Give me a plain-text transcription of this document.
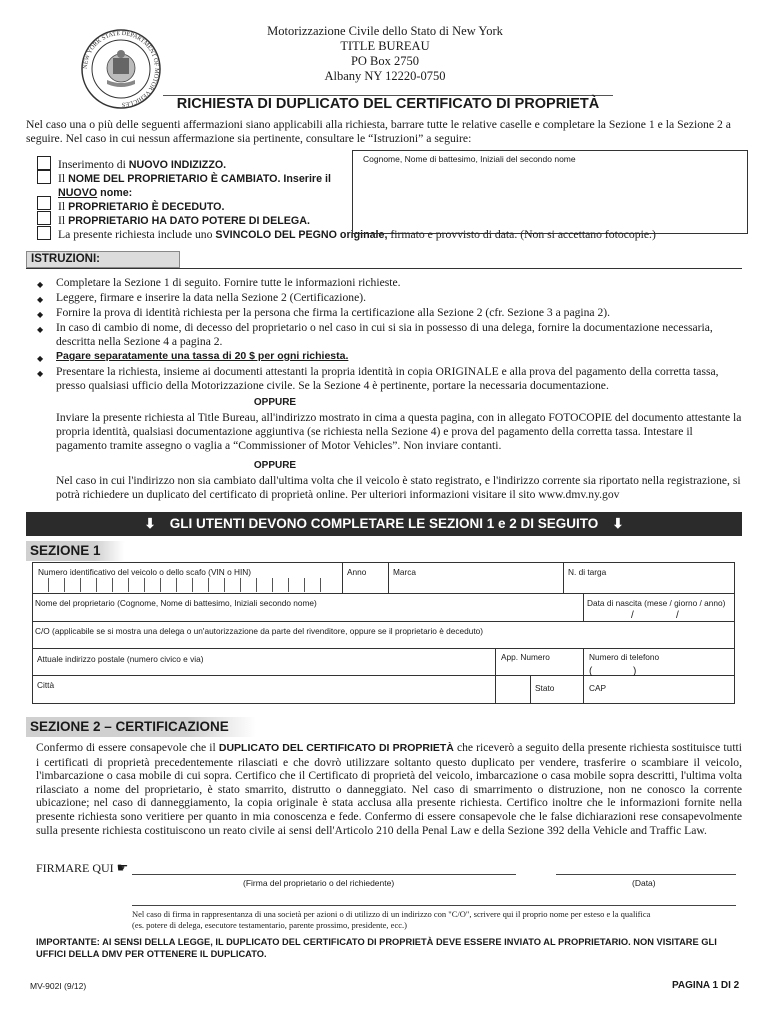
NEW YORK STATE DEPARTMENT OF MOTOR VEHICLES
Motorizzazione Civile dello Stato di New York
TITLE BUREAU
PO Box 2750
Albany NY 12220-0750
RICHIESTA DI DUPLICATO DEL CERTIFICATO DI PROPRIETÀ
Nel caso una o più delle seguenti affermazioni siano applicabili alla richiesta, barrare tutte le relative caselle e completare la Sezione 1 e la Sezione 2 a seguire. Nel caso in cui nessun affermazione sia pertinente, consultare le “Istruzioni” a seguire:
Inserimento di NUOVO INDIZIZZO.
Il NOME DEL PROPRIETARIO È CAMBIATO. Inserire il
NUOVO nome:
Il PROPRIETARIO È DECEDUTO.
Il PROPRIETARIO HA DATO POTERE DI DELEGA.
La presente richiesta include uno SVINCOLO DEL PEGNO originale, firmato e provvisto di data. (Non si accettano fotocopie.)
Cognome, Nome di battesimo, Iniziali del secondo nome
ISTRUZIONI:
◆ Completare la Sezione 1 di seguito. Fornire tutte le informazioni richieste.
◆ Leggere, firmare e inserire la data nella Sezione 2 (Certificazione).
◆ Fornire la prova di identità richiesta per la persona che firma la certificazione alla Sezione 2 (cfr. Sezione 3 a pagina 2).
◆ In caso di cambio di nome, di decesso del proprietario o nel caso in cui si sia in possesso di una delega, fornire la documentazione necessaria, descritta nella Sezione 4 a pagina 2.
◆ Pagare separatamente una tassa di 20 $ per ogni richiesta.
◆ Presentare la richiesta, insieme ai documenti attestanti la propria identità in copia ORIGINALE e alla prova del pagamento della corretta tassa, presso qualsiasi ufficio della Motorizzazione civile. Se la Sezione 4 è pertinente, portare la necessaria documentazione.
OPPURE
Inviare la presente richiesta al Title Bureau, all'indirizzo mostrato in cima a questa pagina, con in allegato FOTOCOPIE del documento attestante la propria identità, qualsiasi documentazione aggiuntiva (se richiesta nella Sezione 4) e prova del pagamento della corretta tassa. Intestare il pagamento tramite assegno o vaglia a “Commissioner of Motor Vehicles”. Non inviare contanti.
OPPURE
Nel caso in cui l'indirizzo non sia cambiato dall'ultima volta che il veicolo è stato registrato, e l'indirizzo corrente sia riportato nella registrazione, si potrà richiedere un duplicato del certificato di proprietà online. Per ulteriori informazioni visitare il sito www.dmv.ny.gov
⬇ GLI UTENTI DEVONO COMPLETARE LE SEZIONI 1 e 2 DI SEGUITO ⬇
SEZIONE 1
Numero identificativo del veicolo o dello scafo (VIN o HIN)	Anno	Marca	N. di targa
Nome del proprietario (Cognome, Nome di battesimo, Iniziali secondo nome)	Data di nascita (mese / giorno / anno)
/	/
C/O (applicabile se si mostra una delega o un'autorizzazione da parte del rivenditore, oppure se il proprietario è deceduto)
Attuale indirizzo postale (numero civico e via)	App. Numero	Numero di telefono
(	)
Città	Stato	CAP
SEZIONE 2 – CERTIFICAZIONE
Confermo di essere consapevole che il DUPLICATO DEL CERTIFICATO DI PROPRIETÀ che riceverò a seguito della presente richiesta sostituisce tutti i certificati di proprietà precedentemente rilasciati e che dovrò utilizzare soltanto questo duplicato per vendere, trasferire o scambiare il veicolo, l'imbarcazione o casa mobile di cui sopra. Certifico che il Certificato di proprietà del veicolo, imbarcazione o casa mobile sopra descritti, l'ultima volta rilasciato a nome del proprietario, è stato smarrito, distrutto o danneggiato. Nel caso di smarrimento o distruzione, non ne conosco la corrente ubicazione; nel caso di danneggiamento, la copia originale è stata acclusa alla presente richiesta. Certifico inoltre che le informazioni fornite nella presente richiesta sono veritiere per quanto in mia conoscenza e fede. Confermo di essere consapevole che le false dichiarazioni rese consapevolmente sulla presente richiesta costituiscono un reato civile ai sensi dell'Articolo 210 della Penal Law e della Sezione 392 della Vehicle and Traffic Law.
FIRMARE QUI ☛
(Firma del proprietario o del richiedente)	(Data)
Nel caso di firma in rappresentanza di una società per azioni o di utilizzo di un indirizzo con "C/O", scrivere qui il proprio nome per esteso e la qualifica
(es. potere di delega, esecutore testamentario, parente prossimo, presidente, ecc.)
IMPORTANTE: AI SENSI DELLA LEGGE, IL DUPLICATO DEL CERTIFICATO DI PROPRIETÀ DEVE ESSERE INVIATO AL PROPRIETARIO. NON VISITARE GLI UFFICI DELLA DMV PER OTTENERE IL DUPLICATO.
MV-902I (9/12)	PAGINA 1 DI 2
